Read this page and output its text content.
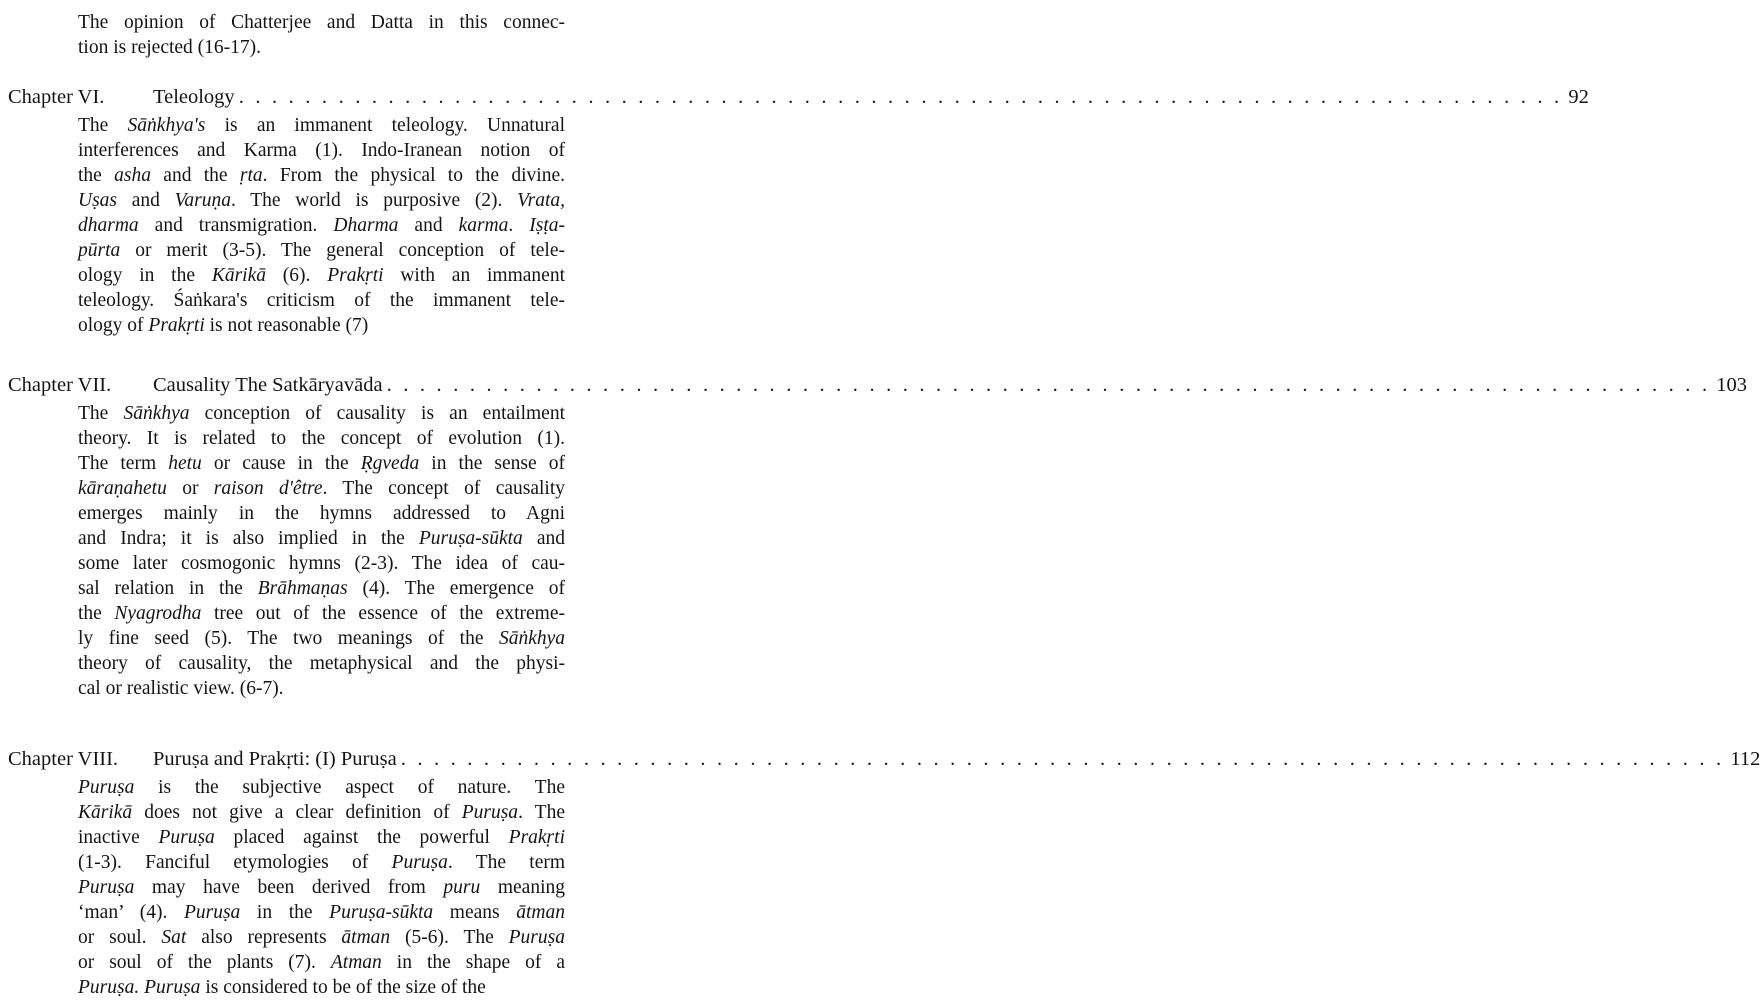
The opinion of Chatterjee and Datta in this connec-
tion is rejected (16-17).
Chapter VI.	Teleology . . . . . . . . . . . . . . . . . . . . . . . . . . . . . . . . . . . . . . . . . . . . . . . . . . . . . . . . . . . . . . . . . . . . . . . . . . . . . . . . 92
The Sāṅkhya's is an immanent teleology. Unnatural
interferences and Karma (1). Indo-Iranean notion of
the asha and the ṛta. From the physical to the divine.
Uṣas and Varuṇa. The world is purposive (2). Vrata,
dharma and transmigration. Dharma and karma. Iṣṭa-
pūrta or merit (3-5). The general conception of tele-
ology in the Kārikā (6). Prakṛti with an immanent
teleology. Śaṅkara's criticism of the immanent tele-
ology of Prakṛti is not reasonable (7)
Chapter VII.	Causality The Satkāryavāda . . . . . . . . . . . . . . . . . . . . . . . . . . . . . . . . . . . . . . . . . . . . . . . . . . . . . . . . . . . . . . . . . . . . . . . . . . . . . . . . 103
The Sāṅkhya conception of causality is an entailment
theory. It is related to the concept of evolution (1).
The term hetu or cause in the Ṛgveda in the sense of
kāraṇahetu or raison d'être. The concept of causality
emerges mainly in the hymns addressed to Agni
and Indra; it is also implied in the Puruṣa-sūkta and
some later cosmogonic hymns (2-3). The idea of cau-
sal relation in the Brāhmaṇas (4). The emergence of
the Nyagrodha tree out of the essence of the extreme-
ly fine seed (5). The two meanings of the Sāṅkhya
theory of causality, the metaphysical and the physi-
cal or realistic view. (6-7).
Chapter VIII.	Puruṣa and Prakṛti: (I) Puruṣa . . . . . . . . . . . . . . . . . . . . . . . . . . . . . . . . . . . . . . . . . . . . . . . . . . . . . . . . . . . . . . . . . . . . . . . . . . . . . . . . 112
Puruṣa is the subjective aspect of nature. The
Kārikā does not give a clear definition of Puruṣa. The
inactive Puruṣa placed against the powerful Prakṛti
(1-3). Fanciful etymologies of Puruṣa. The term
Puruṣa may have been derived from puru meaning
‘man’ (4). Puruṣa in the Puruṣa-sūkta means ātman
or soul. Sat also represents ātman (5-6). The Puruṣa
or soul of the plants (7). Atman in the shape of a
Puruṣa. Puruṣa is considered to be of the size of the
